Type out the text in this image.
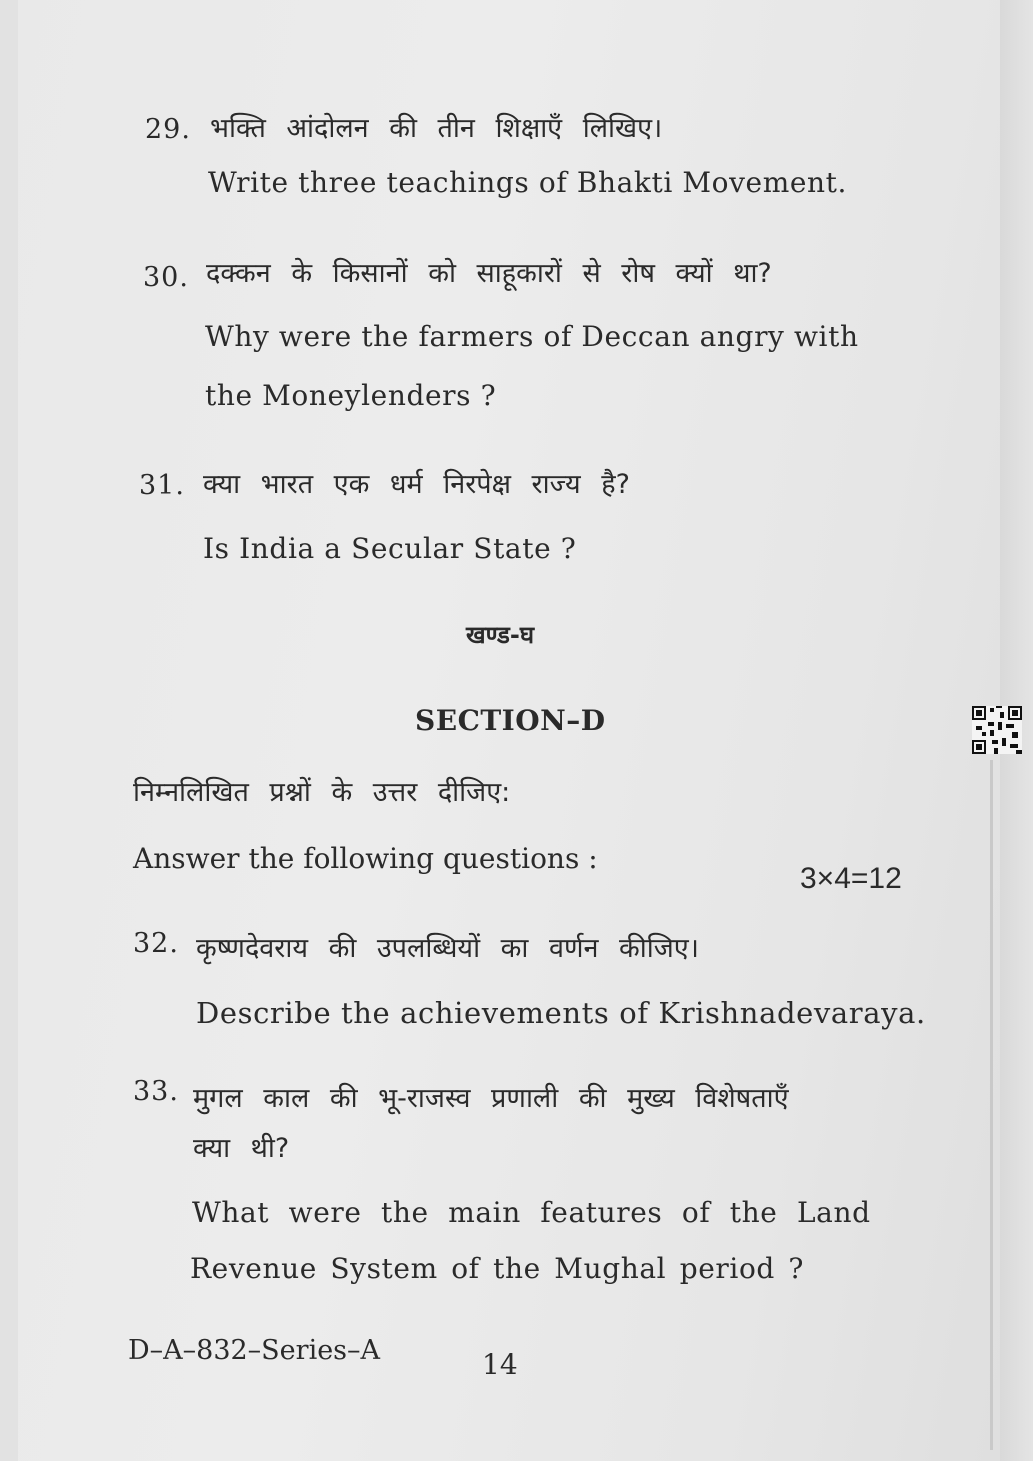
29. भक्ति आंदोलन की तीन शिक्षाएँ लिखिए।
Write three teachings of Bhakti Movement.
30. दक्कन के किसानों को साहूकारों से रोष क्यों था?
Why were the farmers of Deccan angry with
the Moneylenders ?
31. क्या भारत एक धर्म निरपेक्ष राज्य है?
Is India a Secular State ?
खण्ड-घ
SECTION–D
निम्नलिखित प्रश्नों के उत्तर दीजिए:
Answer the following questions :
3×4=12
32. कृष्णदेवराय की उपलब्धियों का वर्णन कीजिए।
Describe the achievements of Krishnadevaraya.
33. मुगल काल की भू-राजस्व प्रणाली की मुख्य विशेषताएँ
क्या थी?
What were the main features of the Land
Revenue System of the Mughal period ?
D–A–832–Series–A	14
